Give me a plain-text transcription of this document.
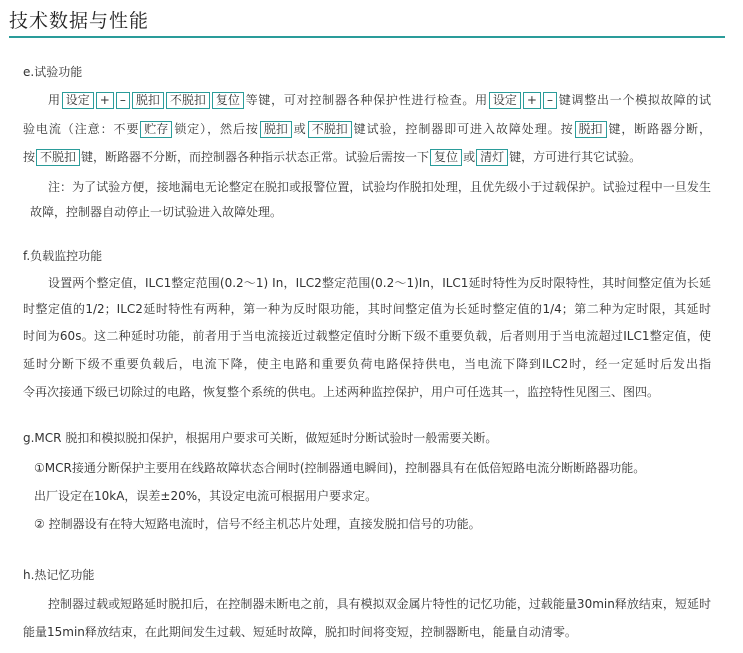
技术数据与性能
e.试验功能
用 设定 + – 脱扣 不脱扣 复位 等键，可对控制器各种保护性进行检查。用 设定 + – 键调整出一个模拟故障的试
验电流（注意：不要 贮存 锁定），然后按 脱扣 或 不脱扣 键试验，控制器即可进入故障处理。按 脱扣 键，断路器分断，
按 不脱扣 键，断路器不分断，而控制器各种指示状态正常。试验后需按一下 复位 或 清灯 键，方可进行其它试验。
注：为了试验方便，接地漏电无论整定在脱扣或报警位置，试验均作脱扣处理，且优先级小于过载保护。试验过程中一旦发生
故障，控制器自动停止一切试验进入故障处理。
f.负载监控功能
设置两个整定值，ILC1整定范围(0.2～1) In，ILC2整定范围(0.2～1)In，ILC1延时特性为反时限特性，其时间整定值为长延
时整定值的1/2；ILC2延时特性有两种，第一种为反时限功能，其时间整定值为长延时整定值的1/4；第二种为定时限，其延时
时间为60s。这二种延时功能，前者用于当电流接近过载整定值时分断下级不重要负载，后者则用于当电流超过ILC1整定值，使
延时分断下级不重要负载后，电流下降，使主电路和重要负荷电路保持供电，当电流下降到ILC2时，经一定延时后发出指
令再次接通下级已切除过的电路，恢复整个系统的供电。上述两种监控保护，用户可任选其一，监控特性见图三、图四。
g.MCR 脱扣和模拟脱扣保护，根据用户要求可关断，做短延时分断试验时一般需要关断。
①MCR接通分断保护主要用在线路故障状态合闸时(控制器通电瞬间)，控制器具有在低倍短路电流分断断路器功能。
出厂设定在10kA，误差±20%，其设定电流可根据用户要求定。
② 控制器设有在特大短路电流时，信号不经主机芯片处理，直接发脱扣信号的功能。
h.热记忆功能
控制器过载或短路延时脱扣后，在控制器未断电之前，具有模拟双金属片特性的记忆功能，过载能量30min释放结束，短延时
能量15min释放结束，在此期间发生过载、短延时故障，脱扣时间将变短，控制器断电，能量自动清零。
